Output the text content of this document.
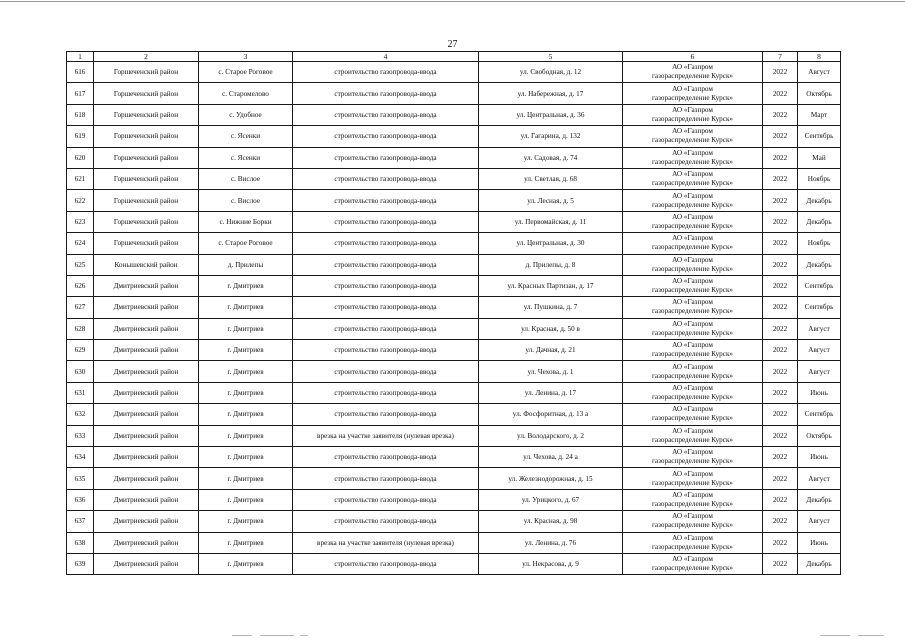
27
1	2	3	4	5	6	7	8
616	Горшеченский район	с. Старое Роговое	строительство газопровода-ввода	ул. Свободная, д. 12	АО «Газпром
газораспределение Курск»	2022	Август
617	Горшеченский район	с. Старомелово	строительство газопровода-ввода	ул. Набережная, д. 17	АО «Газпром
газораспределение Курск»	2022	Октябрь
618	Горшеченский район	с. Удобное	строительство газопровода-ввода	ул. Центральная, д. 36	АО «Газпром
газораспределение Курск»	2022	Март
619	Горшеченский район	с. Ясенки	строительство газопровода-ввода	ул. Гагарина, д. 132	АО «Газпром
газораспределение Курск»	2022	Сентябрь
620	Горшеченский район	с. Ясенки	строительство газопровода-ввода	ул. Садовая, д. 74	АО «Газпром
газораспределение Курск»	2022	Май
621	Горшеченский район	с. Вислое	строительство газопровода-ввода	ул. Светлая, д. 68	АО «Газпром
газораспределение Курск»	2022	Ноябрь
622	Горшеченский район	с. Вислое	строительство газопровода-ввода	ул. Лесная, д. 5	АО «Газпром
газораспределение Курск»	2022	Декабрь
623	Горшеченский район	с. Нижние Борки	строительство газопровода-ввода	ул. Первомайская, д. 11	АО «Газпром
газораспределение Курск»	2022	Декабрь
624	Горшеченский район	с. Старое Роговое	строительство газопровода-ввода	ул. Центральная, д. 30	АО «Газпром
газораспределение Курск»	2022	Ноябрь
625	Конышевский район	д. Прилепы	строительство газопровода-ввода	д. Прилепы, д. 8	АО «Газпром
газораспределение Курск»	2022	Декабрь
626	Дмитриевский район	г. Дмитриев	строительство газопровода-ввода	ул. Красных Партизан, д. 17	АО «Газпром
газораспределение Курск»	2022	Сентябрь
627	Дмитриевский район	г. Дмитриев	строительство газопровода-ввода	ул. Пушкина, д. 7	АО «Газпром
газораспределение Курск»	2022	Сентябрь
628	Дмитриевский район	г. Дмитриев	строительство газопровода-ввода	ул. Красная, д. 50 в	АО «Газпром
газораспределение Курск»	2022	Август
629	Дмитриевский район	г. Дмитриев	строительство газопровода-ввода	ул. Дачная, д. 21	АО «Газпром
газораспределение Курск»	2022	Август
630	Дмитриевский район	г. Дмитриев	строительство газопровода-ввода	ул. Чехова, д. 1	АО «Газпром
газораспределение Курск»	2022	Август
631	Дмитриевский район	г. Дмитриев	строительство газопровода-ввода	ул. Ленина, д. 17	АО «Газпром
газораспределение Курск»	2022	Июнь
632	Дмитриевский район	г. Дмитриев	строительство газопровода-ввода	ул. Фосфоритная, д. 13 а	АО «Газпром
газораспределение Курск»	2022	Сентябрь
633	Дмитриевский район	г. Дмитриев	врезка на участке заявителя (нулевая врезка)	ул. Володарского, д. 2	АО «Газпром
газораспределение Курск»	2022	Октябрь
634	Дмитриевский район	г. Дмитриев	строительство газопровода-ввода	ул. Чехова, д. 24 а	АО «Газпром
газораспределение Курск»	2022	Июнь
635	Дмитриевский район	г. Дмитриев	строительство газопровода-ввода	ул. Железнодорожная, д. 15	АО «Газпром
газораспределение Курск»	2022	Август
636	Дмитриевский район	г. Дмитриев	строительство газопровода-ввода	ул. Урицкого, д. 67	АО «Газпром
газораспределение Курск»	2022	Декабрь
637	Дмитриевский район	г. Дмитриев	строительство газопровода-ввода	ул. Красная, д. 98	АО «Газпром
газораспределение Курск»	2022	Август
638	Дмитриевский район	г. Дмитриев	врезка на участке заявителя (нулевая врезка)	ул. Ленина, д. 76	АО «Газпром
газораспределение Курск»	2022	Июнь
639	Дмитриевский район	г. Дмитриев	строительство газопровода-ввода	ул. Некрасова, д. 9	АО «Газпром
газораспределение Курск»	2022	Декабрь
